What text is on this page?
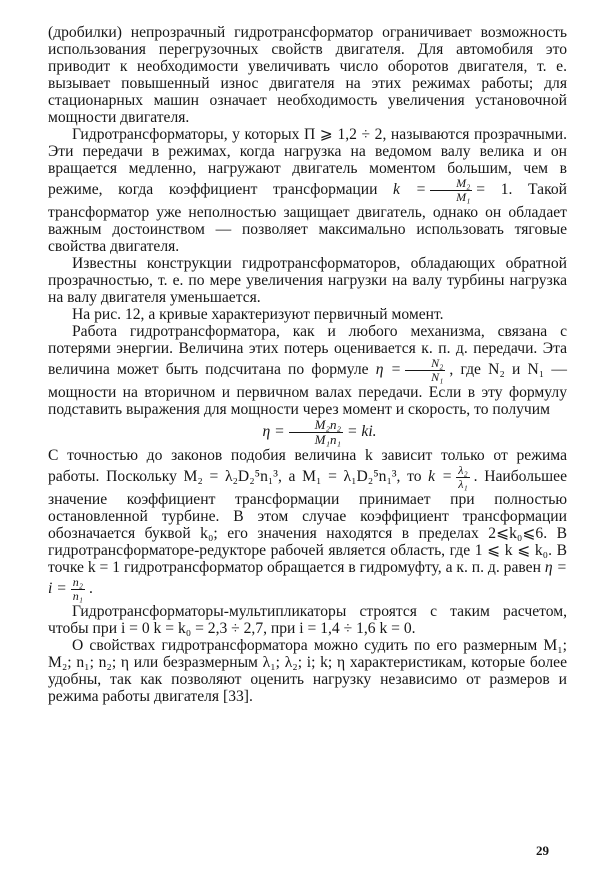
(дробилки) непрозрачный гидротрансформатор ограничивает возможность использования перегрузочных свойств двигателя. Для автомобиля это приводит к необходимости увеличивать число оборотов двигателя, т. е. вызывает повышенный износ двигателя на этих режимах работы; для стационарных машин означает необходимость увеличения установочной мощности двигателя.

Гидротрансформаторы, у которых П ⩾ 1,2 ÷ 2, называются прозрачными. Эти передачи в режимах, когда нагрузка на ведомом валу велика и он вращается медленно, нагружают двигатель моментом большим, чем в режиме, когда коэффициент трансформации $k = \frac{\text{M₂}}{\text{M₁}} = 1$. Такой трансформатор уже неполностью защищает двигатель, однако он обладает важным достоинством — позволяет максимально использовать тяговые свойства двигателя.

Известны конструкции гидротрансформаторов, обладающих обратной прозрачностью, т. е. по мере увеличения нагрузки на валу турбины нагрузка на валу двигателя уменьшается.

На рис. 12, а кривые характеризуют первичный момент.

Работа гидротрансформатора, как и любого механизма, связана с потерями энергии. Величина этих потерь оценивается к. п. д. передачи. Эта величина может быть подсчитана по формуле $\eta = \frac{\text{N₂}}{\text{N₁}}$ , где N₂ и N₁ — мощности на вторичном и первичном валах передачи. Если в эту формулу подставить выражения для мощности через момент и скорость, то получим

$\eta = \frac{\text{M₂n₂}}{\text{M₁n₁}}$ = ki.

С точностью до законов подобия величина k зависит только от режима работы. Поскольку M₂ = λ₂D₂⁵n₁³, а M₁ = λ₁D₂⁵n₁³, то $k = \frac{\text{λ₂}}{\text{λ₁}}$ . Наибольшее значение коэффициент трансформации принимает при полностью остановленной турбине. В этом случае коэффициент трансформации обозначается буквой k₀; его значения находятся в пределах 2⩽k₀⩽6. В гидротрансформаторе-редукторе рабочей является область, где 1 ⩽ k ⩽ k₀. В точке k = 1 гидротрансформатор обращается в гидромуфту, а к. п. д. равен $\eta = i = \frac{\text{n₂}}{\text{n₁}}$ .

Гидротрансформаторы-мультипликаторы строятся с таким расчетом, чтобы при i = 0 k = k₀ = 2,3 ÷ 2,7, при i = 1,4 ÷ 1,6 k = 0.

О свойствах гидротрансформатора можно судить по его размерным M₁; M₂; n₁; n₂; η или безразмерным λ₁; λ₂; i; k; η характеристикам, которые более удобны, так как позволяют оценить нагрузку независимо от размеров и режима работы двигателя [33].

29
